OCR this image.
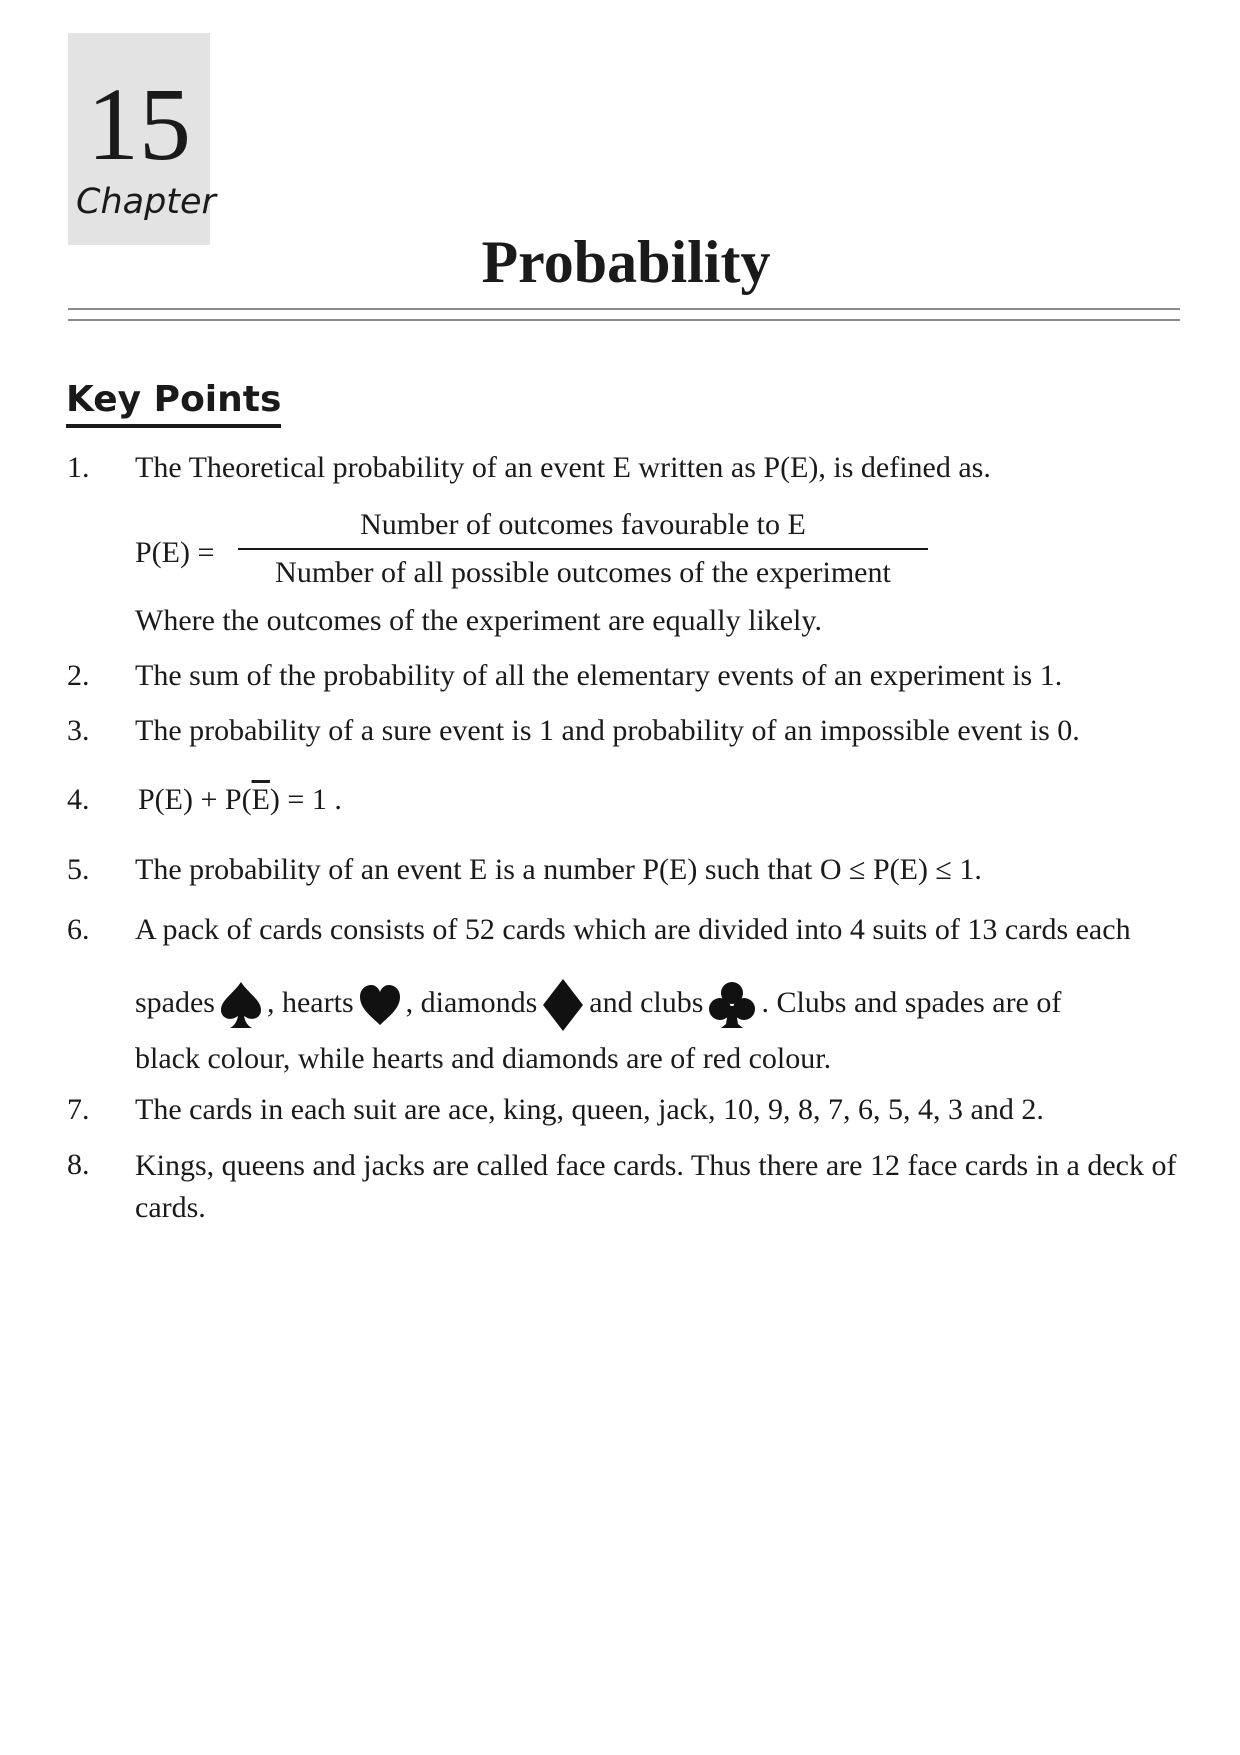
15
Chapter
Probability
Key Points
1. The Theoretical probability of an event E written as P(E), is defined as.
P(E) =
Number of outcomes favourable to E
Number of all possible outcomes of the experiment
Where the outcomes of the experiment are equally likely.
2. The sum of the probability of all the elementary events of an experiment is 1.
3. The probability of a sure event is 1 and probability of an impossible event is 0.
4. $P(E) + P(\overline{E}) = 1$ .
5. The probability of an event E is a number P(E) such that O ≤ P(E) ≤ 1.
6. A pack of cards consists of 52 cards which are divided into 4 suits of 13 cards each
spades , hearts , diamonds and clubs . Clubs and spades are of
black colour, while hearts and diamonds are of red colour.
7. The cards in each suit are ace, king, queen, jack, 10, 9, 8, 7, 6, 5, 4, 3 and 2.
8. Kings, queens and jacks are called face cards. Thus there are 12 face cards in a deck of cards.
